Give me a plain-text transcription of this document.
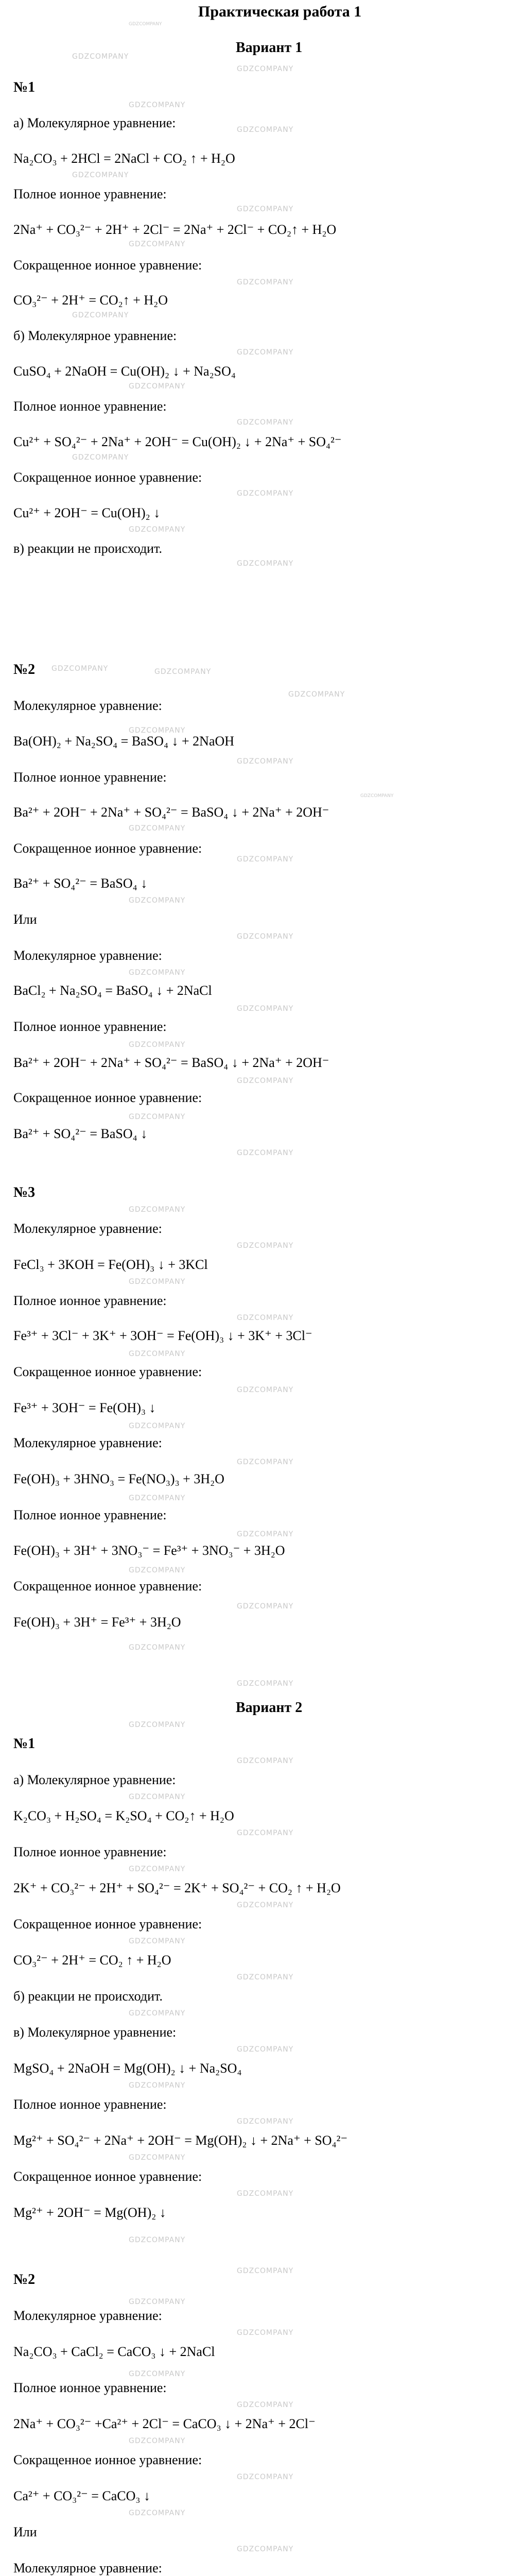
GDZCOMPANY
GDZCOMPANY
GDZCOMPANY
GDZCOMPANY
GDZCOMPANY
GDZCOMPANY
GDZCOMPANY
GDZCOMPANY
GDZCOMPANY
GDZCOMPANY
GDZCOMPANY
GDZCOMPANY
GDZCOMPANY
GDZCOMPANY
GDZCOMPANY
GDZCOMPANY
GDZCOMPANY
GDZCOMPANY	GDZCOMPANY
GDZCOMPANY
GDZCOMPANY
GDZCOMPANY
GDZCOMPANY
GDZCOMPANY
GDZCOMPANY
GDZCOMPANY
GDZCOMPANY
GDZCOMPANY
GDZCOMPANY
GDZCOMPANY
GDZCOMPANY
GDZCOMPANY
GDZCOMPANY
GDZCOMPANY
GDZCOMPANY
GDZCOMPANY
GDZCOMPANY
GDZCOMPANY
GDZCOMPANY
GDZCOMPANY
GDZCOMPANY
GDZCOMPANY
GDZCOMPANY
GDZCOMPANY
GDZCOMPANY
GDZCOMPANY
GDZCOMPANY
GDZCOMPANY
GDZCOMPANY
GDZCOMPANY
GDZCOMPANY
GDZCOMPANY
GDZCOMPANY
GDZCOMPANY
GDZCOMPANY
GDZCOMPANY
GDZCOMPANY
GDZCOMPANY
GDZCOMPANY
GDZCOMPANY
GDZCOMPANY
GDZCOMPANY
GDZCOMPANY
GDZCOMPANY
GDZCOMPANY
GDZCOMPANY
GDZCOMPANY
GDZCOMPANY
GDZCOMPANY
GDZCOMPANY
GDZCOMPANY
Практическая работа 1
Вариант 1
№1
а) Молекулярное уравнение:
Na₂CO₃ + 2HCl = 2NaCl + CO₂ ↑ + H₂O
Полное ионное уравнение:
2Na⁺ + CO₃²⁻ + 2H⁺ + 2Cl⁻ = 2Na⁺ + 2Cl⁻ + CO₂↑ + H₂O
Сокращенное ионное уравнение:
CO₃²⁻ + 2H⁺ = CO₂↑ + H₂O
б) Молекулярное уравнение:
CuSO₄ + 2NaOH = Cu(OH)₂ ↓ + Na₂SO₄
Полное ионное уравнение:
Cu²⁺ + SO₄²⁻ + 2Na⁺ + 2OH⁻ = Cu(OH)₂ ↓ + 2Na⁺ + SO₄²⁻
Сокращенное ионное уравнение:
Cu²⁺ + 2OH⁻ = Cu(OH)₂ ↓
в) реакции не происходит.
№2
Молекулярное уравнение:
Ba(OH)₂ + Na₂SO₄ = BaSO₄ ↓ + 2NaOH
Полное ионное уравнение:
Ba²⁺ + 2OH⁻ + 2Na⁺ + SO₄²⁻ = BaSO₄ ↓ + 2Na⁺ + 2OH⁻
Сокращенное ионное уравнение:
Ba²⁺ + SO₄²⁻ = BaSO₄ ↓
Или
Молекулярное уравнение:
BaCl₂ + Na₂SO₄ = BaSO₄ ↓ + 2NaCl
Полное ионное уравнение:
Ba²⁺ + 2OH⁻ + 2Na⁺ + SO₄²⁻ = BaSO₄ ↓ + 2Na⁺ + 2OH⁻
Сокращенное ионное уравнение:
Ba²⁺ + SO₄²⁻ = BaSO₄ ↓
№3
Молекулярное уравнение:
FeCl₃ + 3KOH = Fe(OH)₃ ↓ + 3KCl
Полное ионное уравнение:
Fe³⁺ + 3Cl⁻ + 3K⁺ + 3OH⁻ = Fe(OH)₃ ↓ + 3K⁺ + 3Cl⁻
Сокращенное ионное уравнение:
Fe³⁺ + 3OH⁻ = Fe(OH)₃ ↓
Молекулярное уравнение:
Fe(OH)₃ + 3HNO₃ = Fe(NO₃)₃ + 3H₂O
Полное ионное уравнение:
Fe(OH)₃ + 3H⁺ + 3NO₃⁻ = Fe³⁺ + 3NO₃⁻ + 3H₂O
Сокращенное ионное уравнение:
Fe(OH)₃ + 3H⁺ = Fe³⁺ + 3H₂O
Вариант 2
№1
а) Молекулярное уравнение:
K₂CO₃ + H₂SO₄ = K₂SO₄ + CO₂↑ + H₂O
Полное ионное уравнение:
2K⁺ + CO₃²⁻ + 2H⁺ + SO₄²⁻ = 2K⁺ + SO₄²⁻ + CO₂ ↑ + H₂O
Сокращенное ионное уравнение:
CO₃²⁻ + 2H⁺ = CO₂ ↑ + H₂O
б) реакции не происходит.
в) Молекулярное уравнение:
MgSO₄ + 2NaOH = Mg(OH)₂ ↓ + Na₂SO₄
Полное ионное уравнение:
Mg²⁺ + SO₄²⁻ + 2Na⁺ + 2OH⁻ = Mg(OH)₂ ↓ + 2Na⁺ + SO₄²⁻
Сокращенное ионное уравнение:
Mg²⁺ + 2OH⁻ = Mg(OH)₂ ↓
№2
Молекулярное уравнение:
Na₂CO₃ + CaCl₂ = CaCO₃ ↓ + 2NaCl
Полное ионное уравнение:
2Na⁺ + CO₃²⁻ +Ca²⁺ + 2Cl⁻ = CaCO₃ ↓ + 2Na⁺ + 2Cl⁻
Сокращенное ионное уравнение:
Ca²⁺ + CO₃²⁻ = CaCO₃ ↓
Или
Молекулярное уравнение:
